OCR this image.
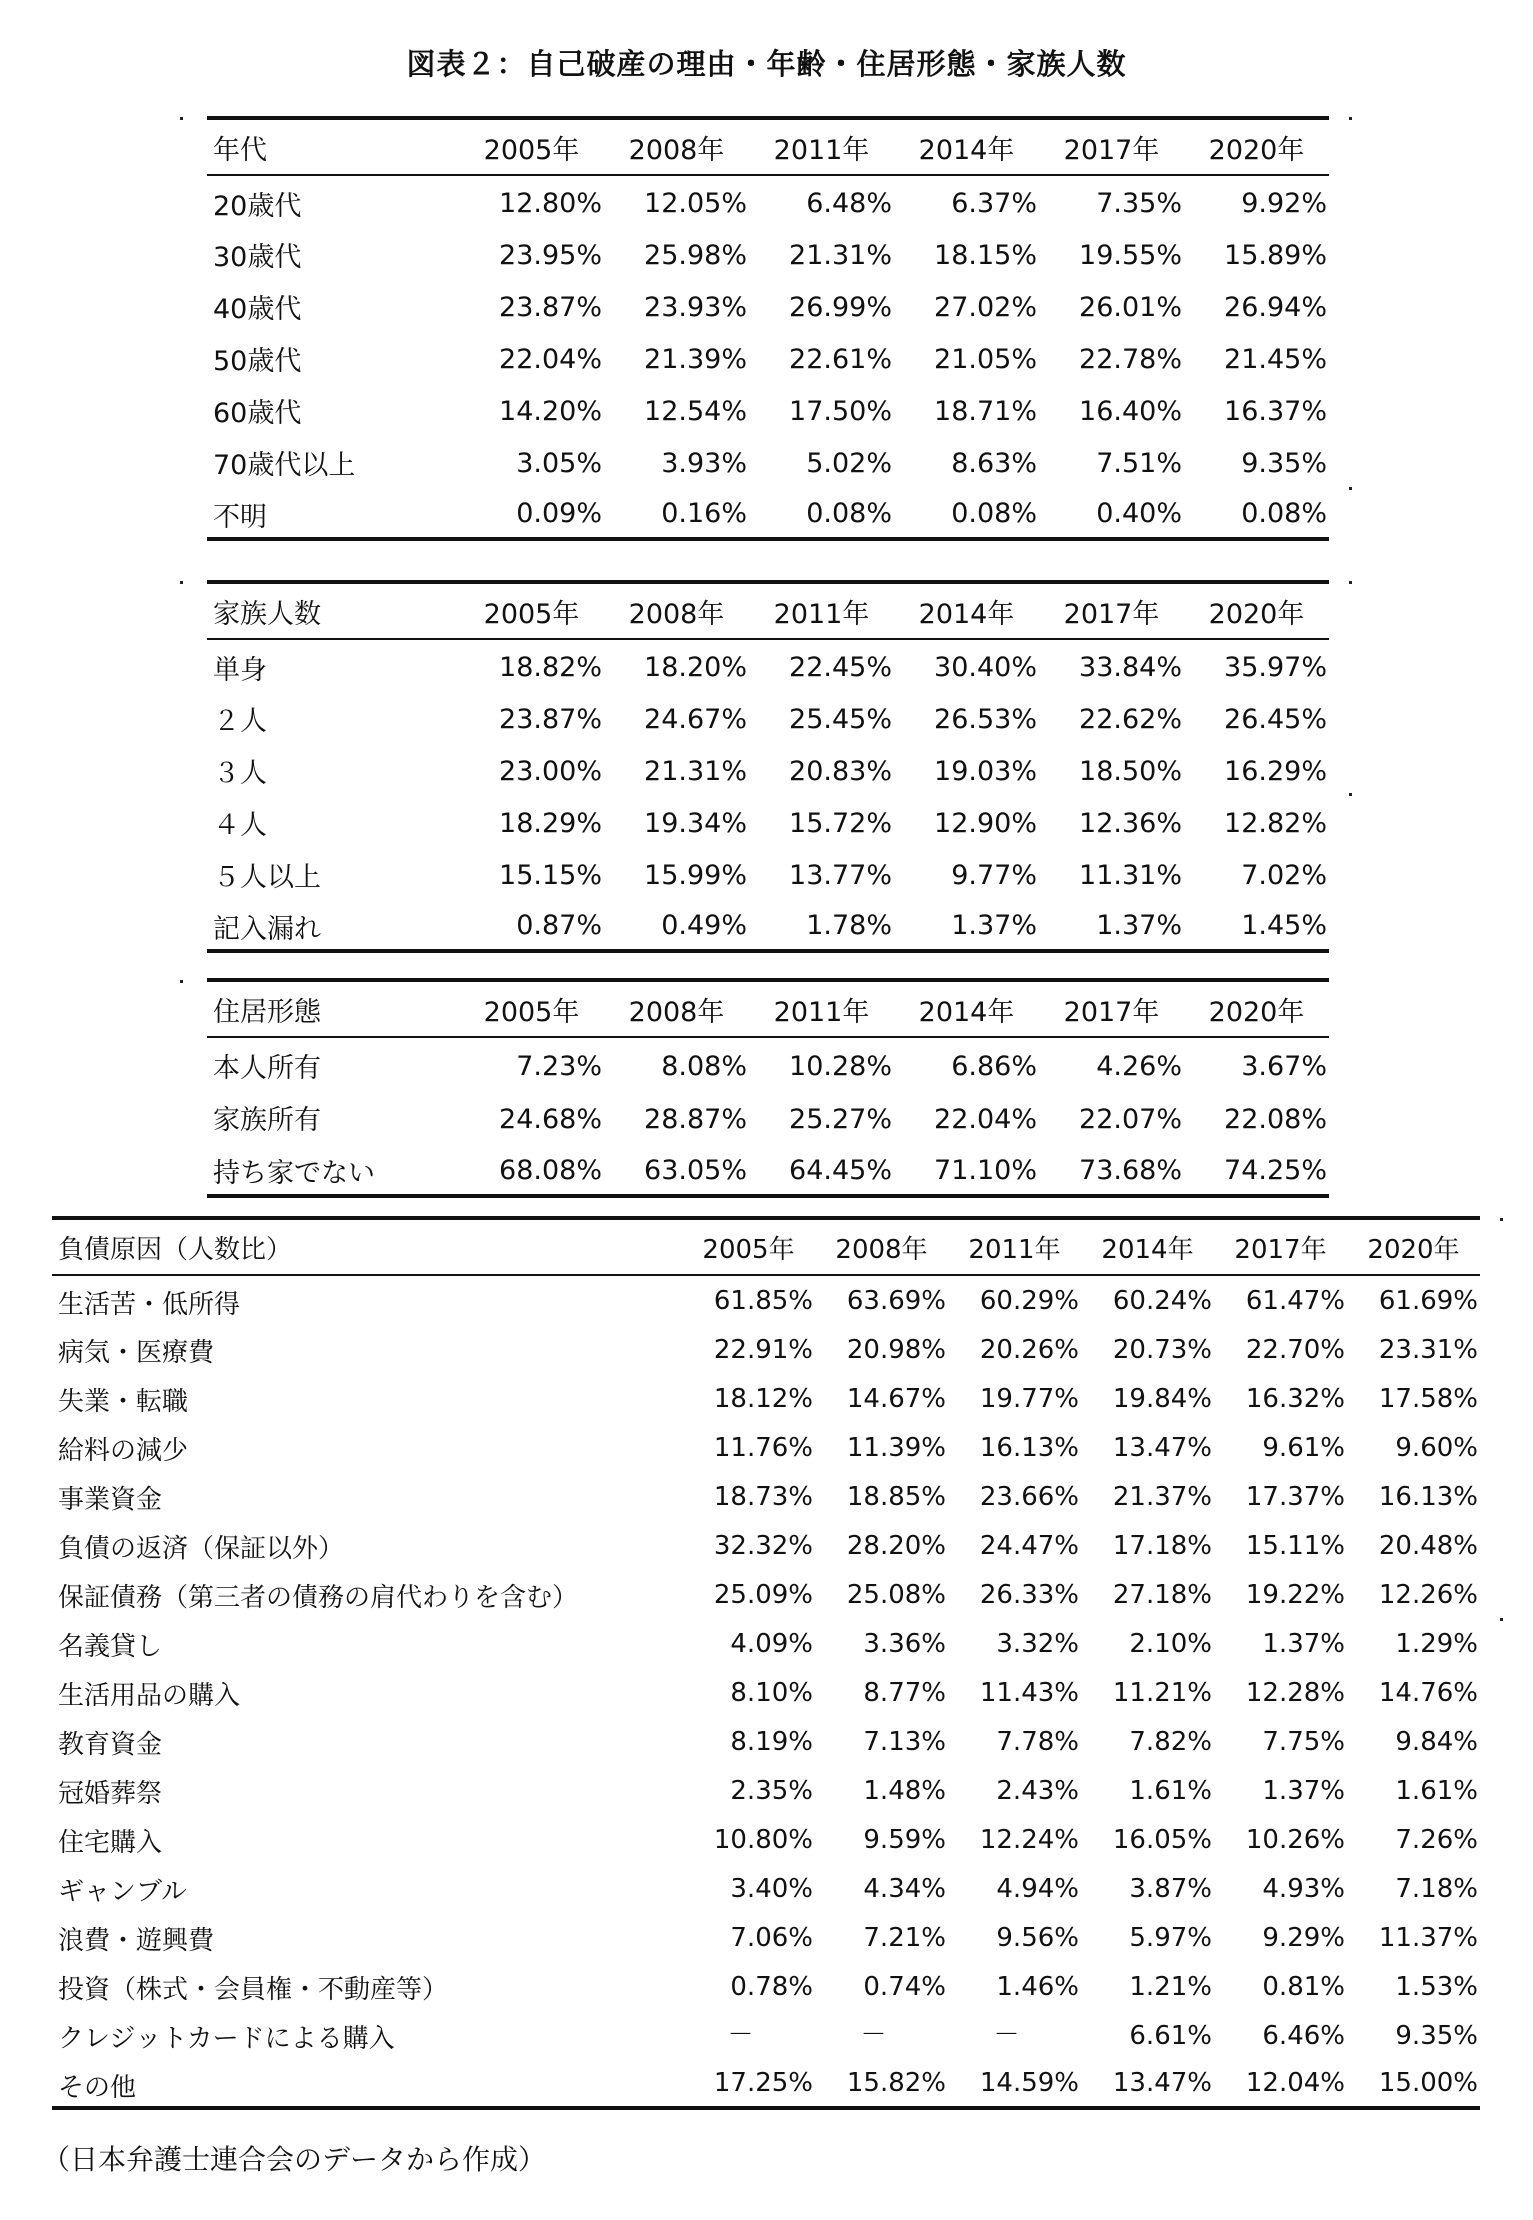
図表２：自己破産の理由・年齢・住居形態・家族人数
年代	2005年	2008年	2011年	2014年	2017年	2020年
20歳代	12.80%	12.05%	6.48%	6.37%	7.35%	9.92%
30歳代	23.95%	25.98%	21.31%	18.15%	19.55%	15.89%
40歳代	23.87%	23.93%	26.99%	27.02%	26.01%	26.94%
50歳代	22.04%	21.39%	22.61%	21.05%	22.78%	21.45%
60歳代	14.20%	12.54%	17.50%	18.71%	16.40%	16.37%
70歳代以上	3.05%	3.93%	5.02%	8.63%	7.51%	9.35%
不明	0.09%	0.16%	0.08%	0.08%	0.40%	0.08%
家族人数	2005年	2008年	2011年	2014年	2017年	2020年
単身	18.82%	18.20%	22.45%	30.40%	33.84%	35.97%
２人	23.87%	24.67%	25.45%	26.53%	22.62%	26.45%
３人	23.00%	21.31%	20.83%	19.03%	18.50%	16.29%
４人	18.29%	19.34%	15.72%	12.90%	12.36%	12.82%
５人以上	15.15%	15.99%	13.77%	9.77%	11.31%	7.02%
記入漏れ	0.87%	0.49%	1.78%	1.37%	1.37%	1.45%
住居形態	2005年	2008年	2011年	2014年	2017年	2020年
本人所有	7.23%	8.08%	10.28%	6.86%	4.26%	3.67%
家族所有	24.68%	28.87%	25.27%	22.04%	22.07%	22.08%
持ち家でない	68.08%	63.05%	64.45%	71.10%	73.68%	74.25%
負債原因（人数比）	2005年	2008年	2011年	2014年	2017年	2020年
生活苦・低所得	61.85%	63.69%	60.29%	60.24%	61.47%	61.69%
病気・医療費	22.91%	20.98%	20.26%	20.73%	22.70%	23.31%
失業・転職	18.12%	14.67%	19.77%	19.84%	16.32%	17.58%
給料の減少	11.76%	11.39%	16.13%	13.47%	9.61%	9.60%
事業資金	18.73%	18.85%	23.66%	21.37%	17.37%	16.13%
負債の返済（保証以外）	32.32%	28.20%	24.47%	17.18%	15.11%	20.48%
保証債務（第三者の債務の肩代わりを含む）	25.09%	25.08%	26.33%	27.18%	19.22%	12.26%
名義貸し	4.09%	3.36%	3.32%	2.10%	1.37%	1.29%
生活用品の購入	8.10%	8.77%	11.43%	11.21%	12.28%	14.76%
教育資金	8.19%	7.13%	7.78%	7.82%	7.75%	9.84%
冠婚葬祭	2.35%	1.48%	2.43%	1.61%	1.37%	1.61%
住宅購入	10.80%	9.59%	12.24%	16.05%	10.26%	7.26%
ギャンブル	3.40%	4.34%	4.94%	3.87%	4.93%	7.18%
浪費・遊興費	7.06%	7.21%	9.56%	5.97%	9.29%	11.37%
投資（株式・会員権・不動産等）	0.78%	0.74%	1.46%	1.21%	0.81%	1.53%
クレジットカードによる購入	－	－	－	6.61%	6.46%	9.35%
その他	17.25%	15.82%	14.59%	13.47%	12.04%	15.00%
（日本弁護士連合会のデータから作成）
